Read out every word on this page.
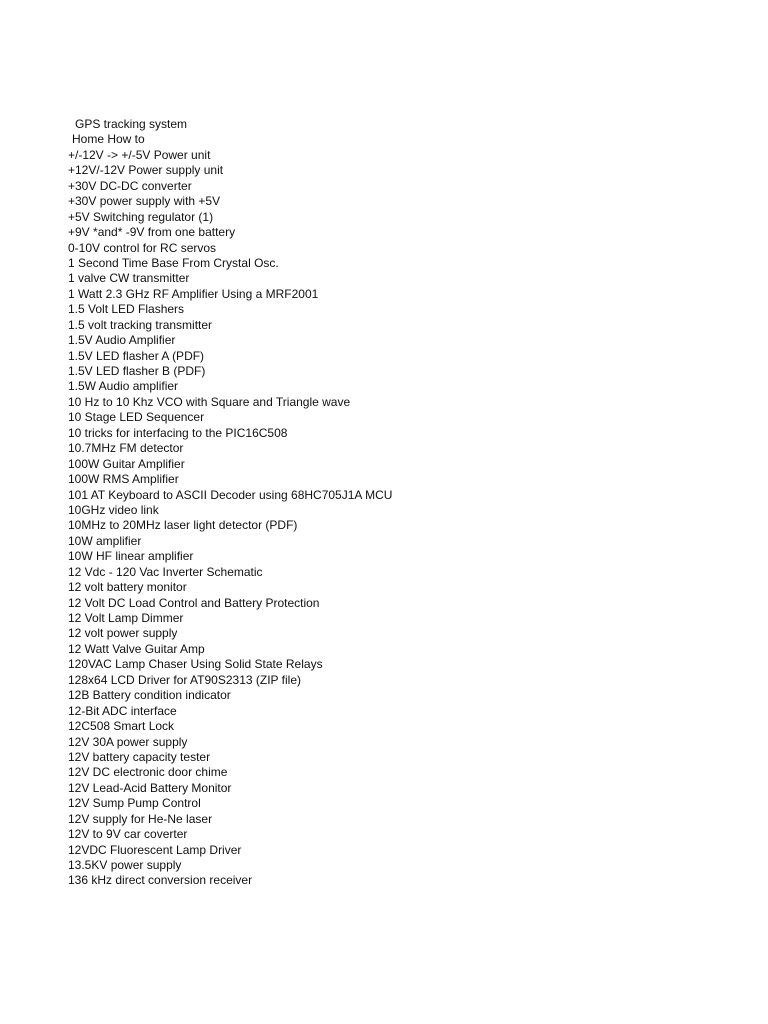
GPS tracking system
Home How to
+/-12V -> +/-5V Power unit
+12V/-12V Power supply unit
+30V DC-DC converter
+30V power supply with +5V
+5V Switching regulator (1)
+9V *and* -9V from one battery
0-10V control for RC servos
1 Second Time Base From Crystal Osc.
1 valve CW transmitter
1 Watt 2.3 GHz RF Amplifier Using a MRF2001
1.5 Volt LED Flashers
1.5 volt tracking transmitter
1.5V Audio Amplifier
1.5V LED flasher A (PDF)
1.5V LED flasher B (PDF)
1.5W Audio amplifier
10 Hz to 10 Khz VCO with Square and Triangle wave
10 Stage LED Sequencer
10 tricks for interfacing to the PIC16C508
10.7MHz FM detector
100W Guitar Amplifier
100W RMS Amplifier
101 AT Keyboard to ASCII Decoder using 68HC705J1A MCU
10GHz video link
10MHz to 20MHz laser light detector (PDF)
10W amplifier
10W HF linear amplifier
12 Vdc - 120 Vac Inverter Schematic
12 volt battery monitor
12 Volt DC Load Control and Battery Protection
12 Volt Lamp Dimmer
12 volt power supply
12 Watt Valve Guitar Amp
120VAC Lamp Chaser Using Solid State Relays
128x64 LCD Driver for AT90S2313 (ZIP file)
12B Battery condition indicator
12-Bit ADC interface
12C508 Smart Lock
12V 30A power supply
12V battery capacity tester
12V DC electronic door chime
12V Lead-Acid Battery Monitor
12V Sump Pump Control
12V supply for He-Ne laser
12V to 9V car coverter
12VDC Fluorescent Lamp Driver
13.5KV power supply
136 kHz direct conversion receiver
